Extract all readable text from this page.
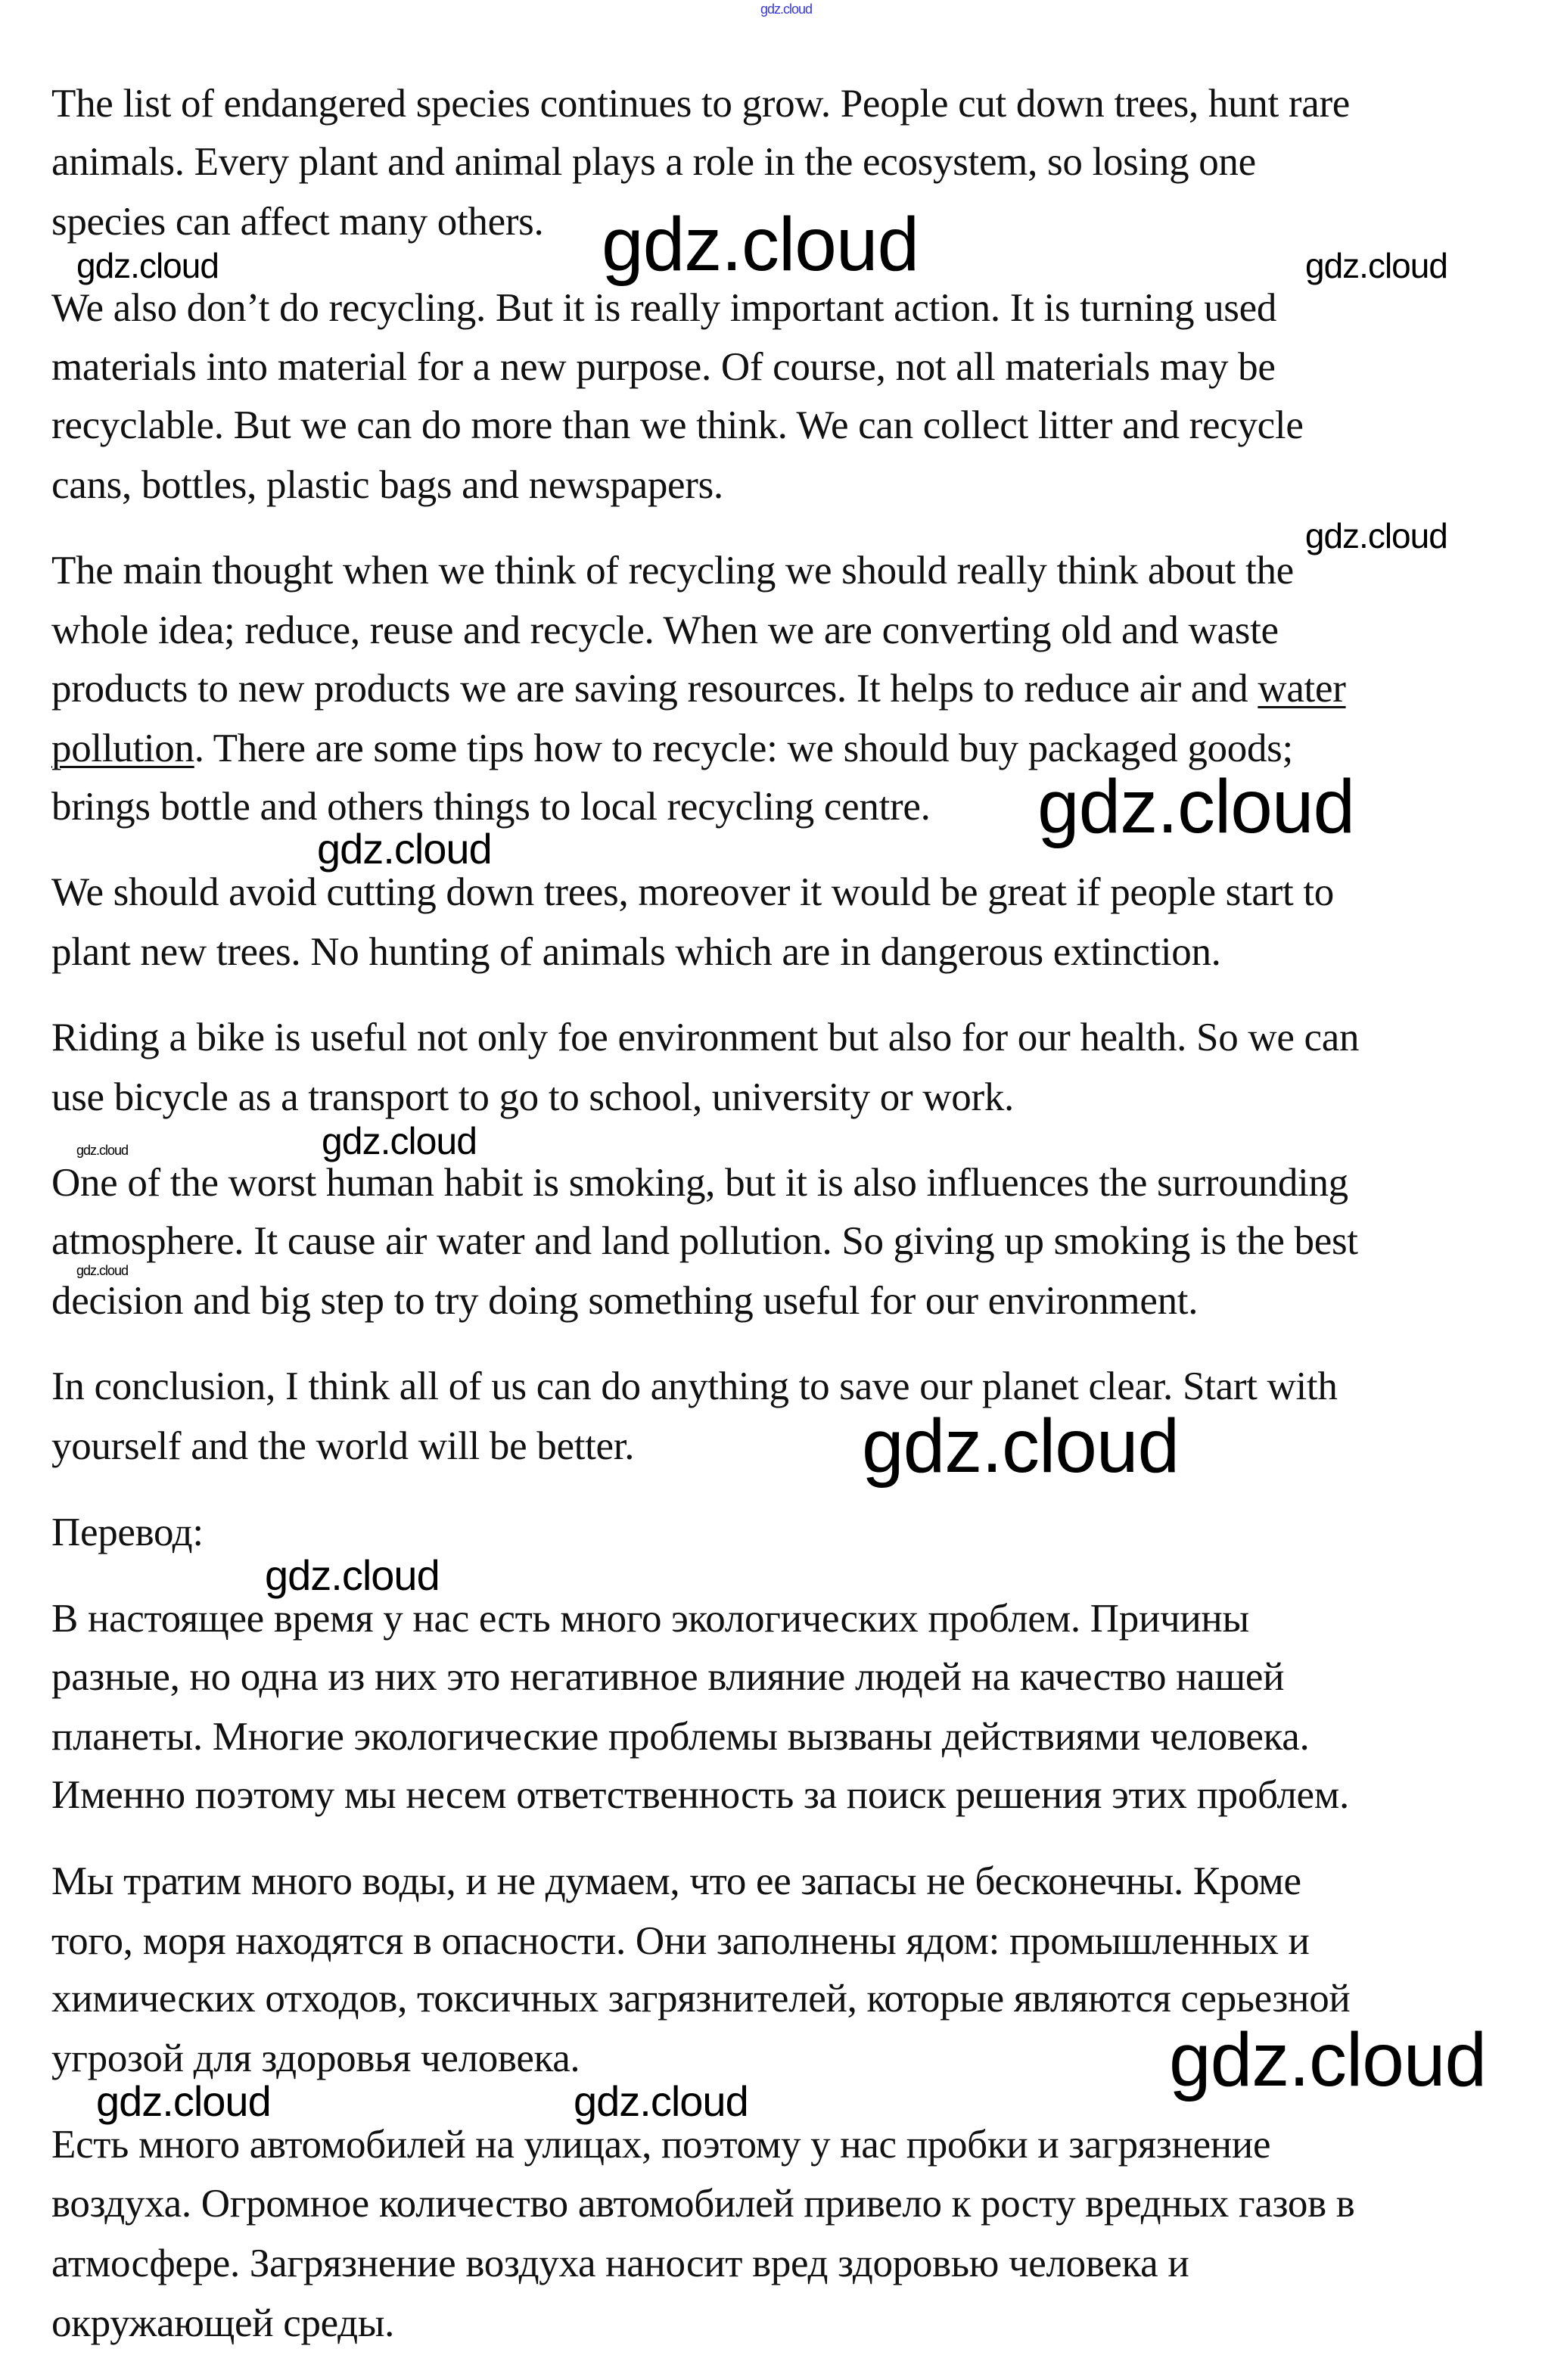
The list of endangered species continues to grow. People cut down trees, hunt rare
animals. Every plant and animal plays a role in the ecosystem, so losing one
species can affect many others.
We also don’t do recycling. But it is really important action. It is turning used
materials into material for a new purpose. Of course, not all materials may be
recyclable. But we can do more than we think. We can collect litter and recycle
cans, bottles, plastic bags and newspapers.
The main thought when we think of recycling we should really think about the
whole idea; reduce, reuse and recycle. When we are converting old and waste
products to new products we are saving resources. It helps to reduce air and water
pollution. There are some tips how to recycle: we should buy packaged goods;
brings bottle and others things to local recycling centre.
We should avoid cutting down trees, moreover it would be great if people start to
plant new trees. No hunting of animals which are in dangerous extinction.
Riding a bike is useful not only foe environment but also for our health. So we can
use bicycle as a transport to go to school, university or work.
One of the worst human habit is smoking, but it is also influences the surrounding
atmosphere. It cause air water and land pollution. So giving up smoking is the best
decision and big step to try doing something useful for our environment.
In conclusion, I think all of us can do anything to save our planet clear. Start with
yourself and the world will be better.
Перевод:
В настоящее время у нас есть много экологических проблем. Причины
разные, но одна из них это негативное влияние людей на качество нашей
планеты. Многие экологические проблемы вызваны действиями человека.
Именно поэтому мы несем ответственность за поиск решения этих проблем.
Мы тратим много воды, и не думаем, что ее запасы не бесконечны. Кроме
того, моря находятся в опасности. Они заполнены ядом: промышленных и
химических отходов, токсичных загрязнителей, которые являются серьезной
угрозой для здоровья человека.
Есть много автомобилей на улицах, поэтому у нас пробки и загрязнение
воздуха. Огромное количество автомобилей привело к росту вредных газов в
атмосфере. Загрязнение воздуха наносит вред здоровью человека и
окружающей среды.
gdz.cloud
gdz.cloud
gdz.cloud	gdz.cloud
gdz.cloud
gdz.cloud
gdz.cloud
gdz.cloud
gdz.cloud
gdz.cloud
gdz.cloud
gdz.cloud
gdz.cloud
gdz.cloud	gdz.cloud
